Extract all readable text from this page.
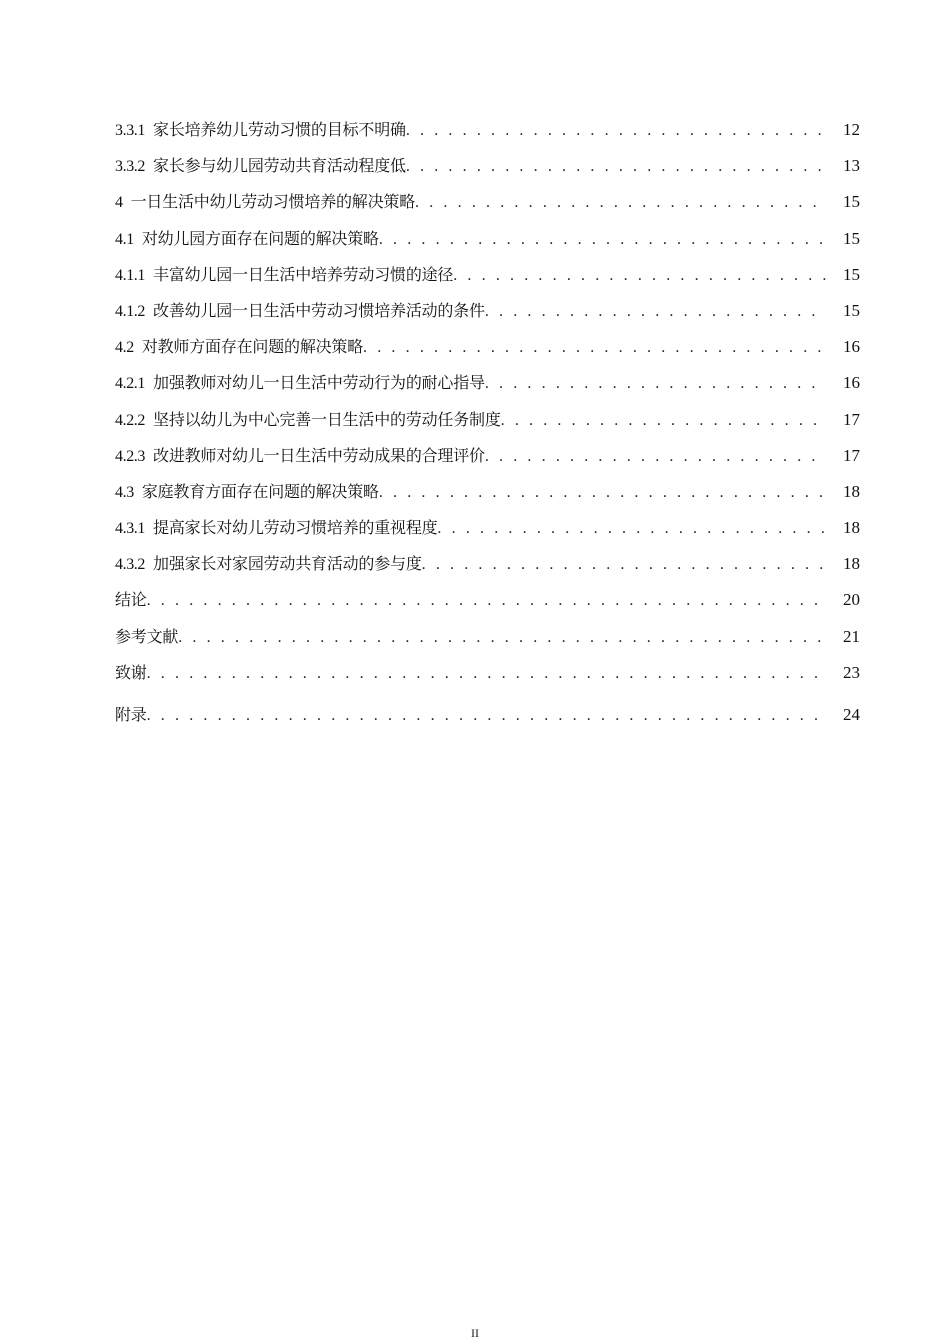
3.3.1 家长培养幼儿劳动习惯的目标不明确 . . .	12
3.3.2 家长参与幼儿园劳动共育活动程度低 . . .	13
4 一日生活中幼儿劳动习惯培养的解决策略 . . .	15
4.1 对幼儿园方面存在问题的解决策略 . . .	15
4.1.1 丰富幼儿园一日生活中培养劳动习惯的途径 . . .	15
4.1.2 改善幼儿园一日生活中劳动习惯培养活动的条件 . . .	15
4.2 对教师方面存在问题的解决策略 . . .	16
4.2.1 加强教师对幼儿一日生活中劳动行为的耐心指导 . . .	16
4.2.2 坚持以幼儿为中心完善一日生活中的劳动任务制度 . . .	17
4.2.3 改进教师对幼儿一日生活中劳动成果的合理评价 . . .	17
4.3 家庭教育方面存在问题的解决策略 . . .	18
4.3.1 提高家长对幼儿劳动习惯培养的重视程度 . . .	18
4.3.2 加强家长对家园劳动共育活动的参与度 . . .	18
结论 . . .	20
参考文献 . . .	21
致谢 . . .	23
附录 . . .	24
II
